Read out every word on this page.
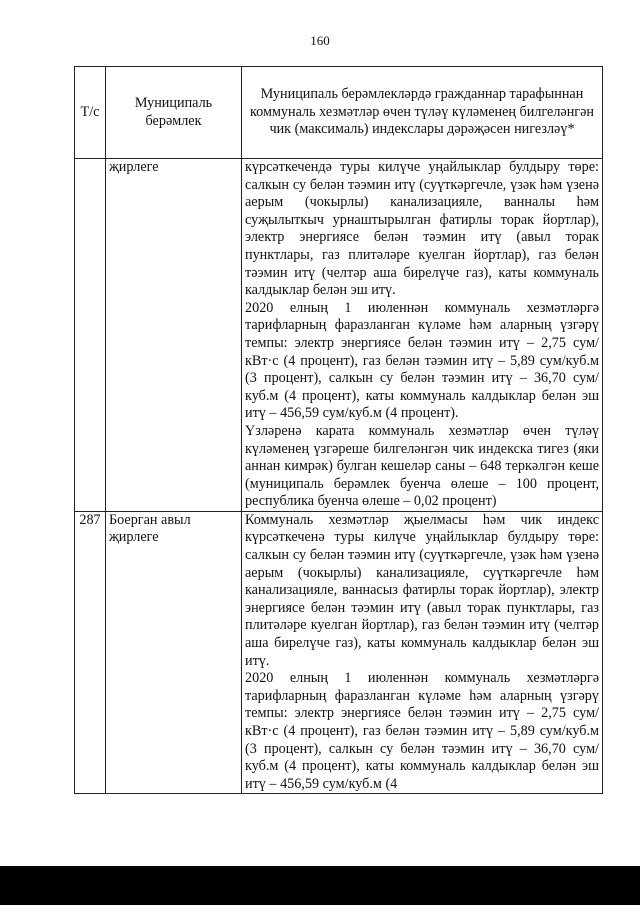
160
Т/с	Муниципаль берәмлек	Муниципаль берәмлекләрдә гражданнар тарафыннан коммуналь хезмәтләр өчен түләү күләменең билгеләнгән чик (максималь) индекслары дәрәҗәсен нигезләү*
	җирлеге	күрсәткечендә туры килүче уңайлыклар булдыру төре: салкын су белән тәэмин итү (суүткәргечле, үзәк һәм үзенә аерым (чокырлы) канализацияле, ванналы һәм суҗылыткыч урнаштырылган фатирлы торак йортлар), электр энергиясе белән тәэмин итү (авыл торак пунктлары, газ плитәләре куелган йортлар), газ белән тәэмин итү (челтәр аша бирелүче газ), каты коммуналь калдыклар белән эш итү.

2020 елның 1 июленнән коммуналь хезмәтләргә тарифларның фаразланган күләме һәм аларның үзгәрү темпы: электр энергиясе белән тәэмин итү – 2,75 сум/кВт·с (4 процент), газ белән тәэмин итү – 5,89 сум/куб.м (3 процент), салкын су белән тәэмин итү – 36,70 сум/куб.м (4 процент), каты коммуналь калдыклар белән эш итү – 456,59 сум/куб.м (4 процент).

Үзләренә карата коммуналь хезмәтләр өчен түләү күләменең үзгәреше билгеләнгән чик индекска тигез (яки аннан кимрәк) булган кешеләр саны – 648 теркәлгән кеше (муниципаль берәмлек буенча өлеше – 100 процент, республика буенча өлеше – 0,02 процент)

287	Боерган авыл җирлеге	Коммуналь хезмәтләр җыелмасы һәм чик индекс күрсәткеченә туры килүче уңайлыклар булдыру төре: салкын су белән тәэмин итү (суүткәргечле, үзәк һәм үзенә аерым (чокырлы) канализацияле, суүткәргечле һәм канализацияле, ваннасыз фатирлы торак йортлар), электр энергиясе белән тәэмин итү (авыл торак пунктлары, газ плитәләре куелган йортлар), газ белән тәэмин итү (челтәр аша бирелүче газ), каты коммуналь калдыклар белән эш итү.

2020 елның 1 июленнән коммуналь хезмәтләргә тарифларның фаразланган күләме һәм аларның үзгәрү темпы: электр энергиясе белән тәэмин итү – 2,75 сум/кВт·с (4 процент), газ белән тәэмин итү – 5,89 сум/куб.м (3 процент), салкын су белән тәэмин итү – 36,70 сум/куб.м (4 процент), каты коммуналь калдыклар белән эш итү – 456,59 сум/куб.м (4
